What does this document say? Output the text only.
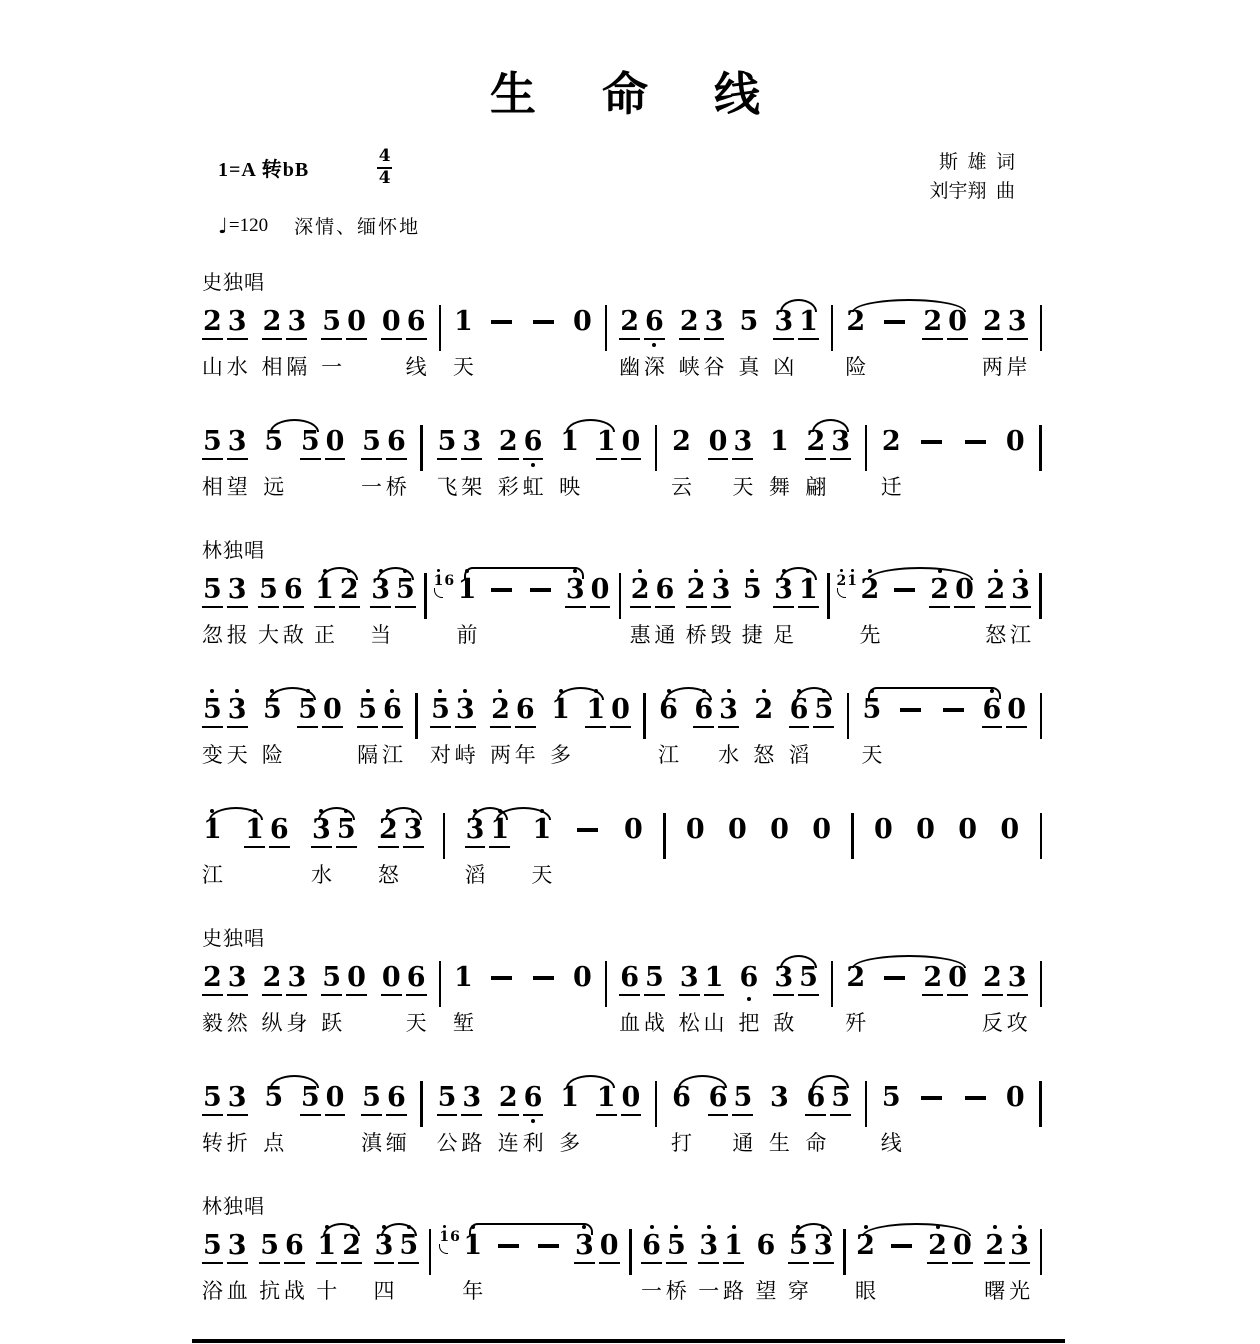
生　命　线
1=A 转bB
4
4
斯  雄  词
刘宇翔  曲
♩ =120 深情、缅怀地
史独唱
2
山
3
水
2
相
3
隔
5
一
0 0 6
线
1
天
0 2
幽
6
深
2
峡
3
谷
5
真
3
凶
1 2
险
2 0 2
两
3
岸
5
相
3
望
5
远
5 0 5
一
6
桥
5
飞
3
架
2
彩
6
虹
1
映
1 0 2
云
0 3
天
1
舞
2
翩
3 2
迁
0
林独唱
5
忽
3
报
5
大
6
敌
1
正
2 3
当
5 1 6 1
前
3 0 2
惠
6
通
2
桥
3
毁
5
捷
3
足
1 2 1 2
先
2 0 2
怒
3
江
5
变
3
天
5
险
5 0 5
隔
6
江
5
对
3
峙
2
两
6
年
1
多
1 0 6
江
6 3
水
2
怒
6
滔
5 5
天
6 0
1
江
1 6 3
水
5 2
怒
3 3
滔
1 1
天
0 0 0 0 0 0 0 0 0
史独唱
2
毅
3
然
2
纵
3
身
5
跃
0 0 6
天
1
堑
0 6
血
5
战
3
松
1
山
6
把
3
敌
5 2
歼
2 0 2
反
3
攻
5
转
3
折
5
点
5 0 5
滇
6
缅
5
公
3
路
2
连
6
利
1
多
1 0 6
打
6 5
通
3
生
6
命
5 5
线
0
林独唱
5
浴
3
血
5
抗
6
战
1
十
2 3
四
5 1 6 1
年
3 0 6
一
5
桥
3
一
1
路
6
望
5
穿
3 2
眼
2 0 2
曙
3
光
